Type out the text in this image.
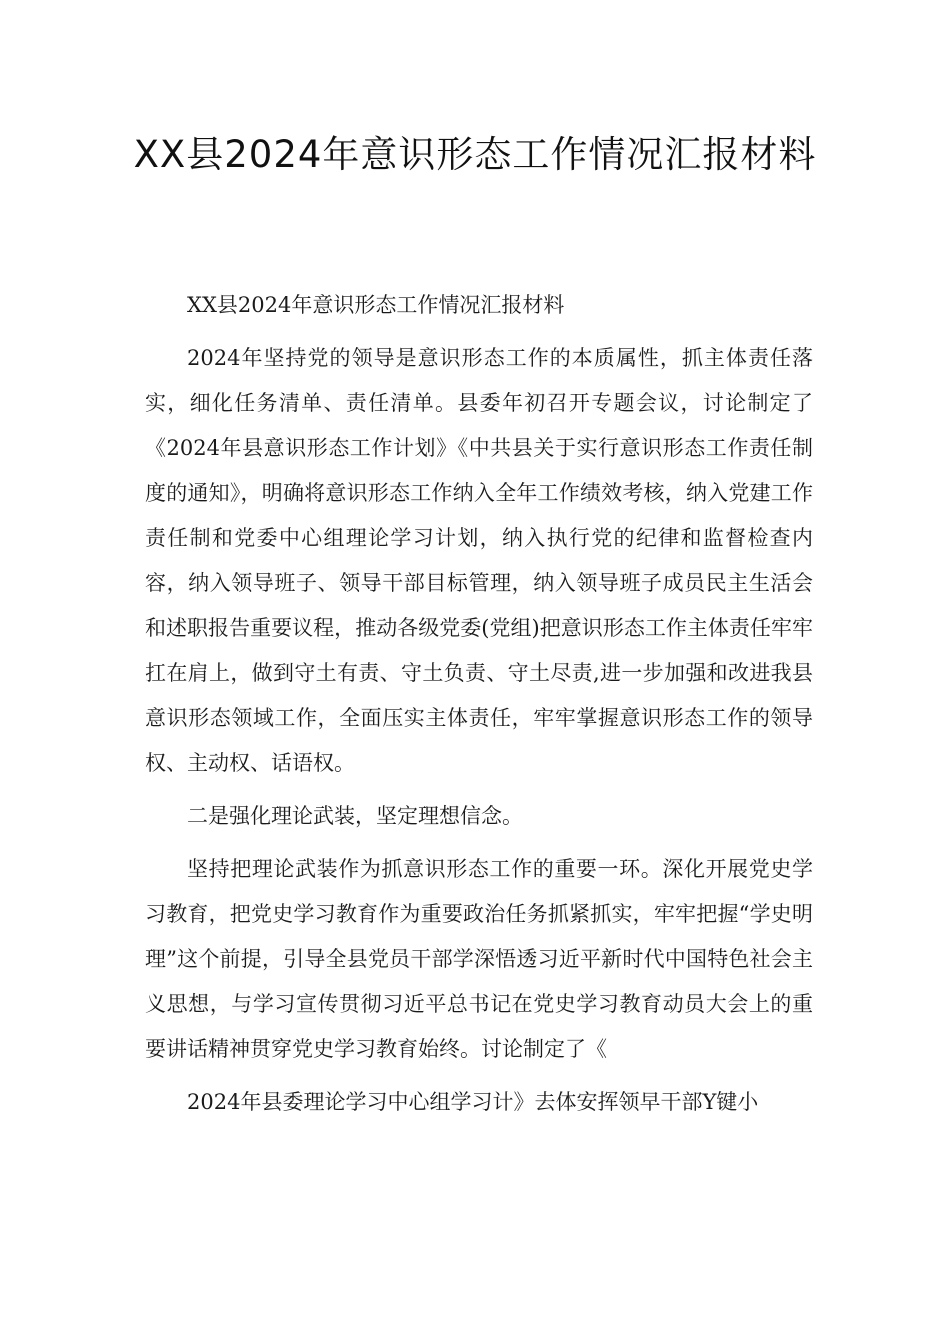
XX县2024年意识形态工作情况汇报材料

XX县2024年意识形态工作情况汇报材料

2024年坚持党的领导是意识形态工作的本质属性，抓主体责任落实，细化任务清单、责任清单。县委年初召开专题会议，讨论制定了《2024年县意识形态工作计划》《中共县关于实行意识形态工作责任制度的通知》，明确将意识形态工作纳入全年工作绩效考核，纳入党建工作责任制和党委中心组理论学习计划，纳入执行党的纪律和监督检查内容，纳入领导班子、领导干部目标管理，纳入领导班子成员民主生活会和述职报告重要议程，推动各级党委(党组)把意识形态工作主体责任牢牢扛在肩上，做到守土有责、守土负责、守土尽责,进一步加强和改进我县意识形态领域工作，全面压实主体责任，牢牢掌握意识形态工作的领导权、主动权、话语权。

二是强化理论武装，坚定理想信念。

坚持把理论武装作为抓意识形态工作的重要一环。深化开展党史学习教育，把党史学习教育作为重要政治任务抓紧抓实，牢牢把握“学史明理”这个前提，引导全县党员干部学深悟透习近平新时代中国特色社会主义思想，与学习宣传贯彻习近平总书记在党史学习教育动员大会上的重要讲话精神贯穿党史学习教育始终。讨论制定了《

2024年县委理论学习中心组学习计》去体安挥领早干部Y键小
